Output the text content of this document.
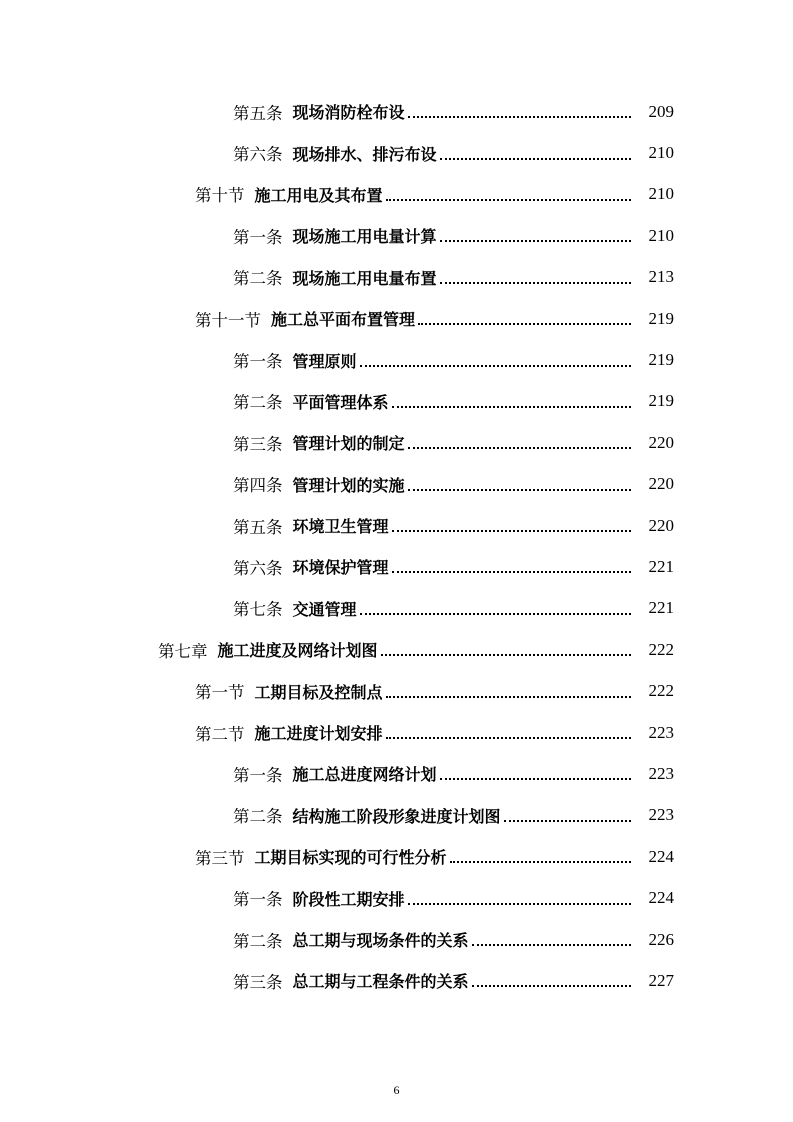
第五条 现场消防栓布设	209
第六条 现场排水、排污布设	210
第十节 施工用电及其布置	210
第一条 现场施工用电量计算	210
第二条 现场施工用电量布置	213
第十一节 施工总平面布置管理	219
第一条 管理原则	219
第二条 平面管理体系	219
第三条 管理计划的制定	220
第四条 管理计划的实施	220
第五条 环境卫生管理	220
第六条 环境保护管理	221
第七条 交通管理	221
第七章 施工进度及网络计划图	222
第一节 工期目标及控制点	222
第二节 施工进度计划安排	223
第一条 施工总进度网络计划	223
第二条 结构施工阶段形象进度计划图	223
第三节 工期目标实现的可行性分析	224
第一条 阶段性工期安排	224
第二条 总工期与现场条件的关系	226
第三条 总工期与工程条件的关系	227
6
